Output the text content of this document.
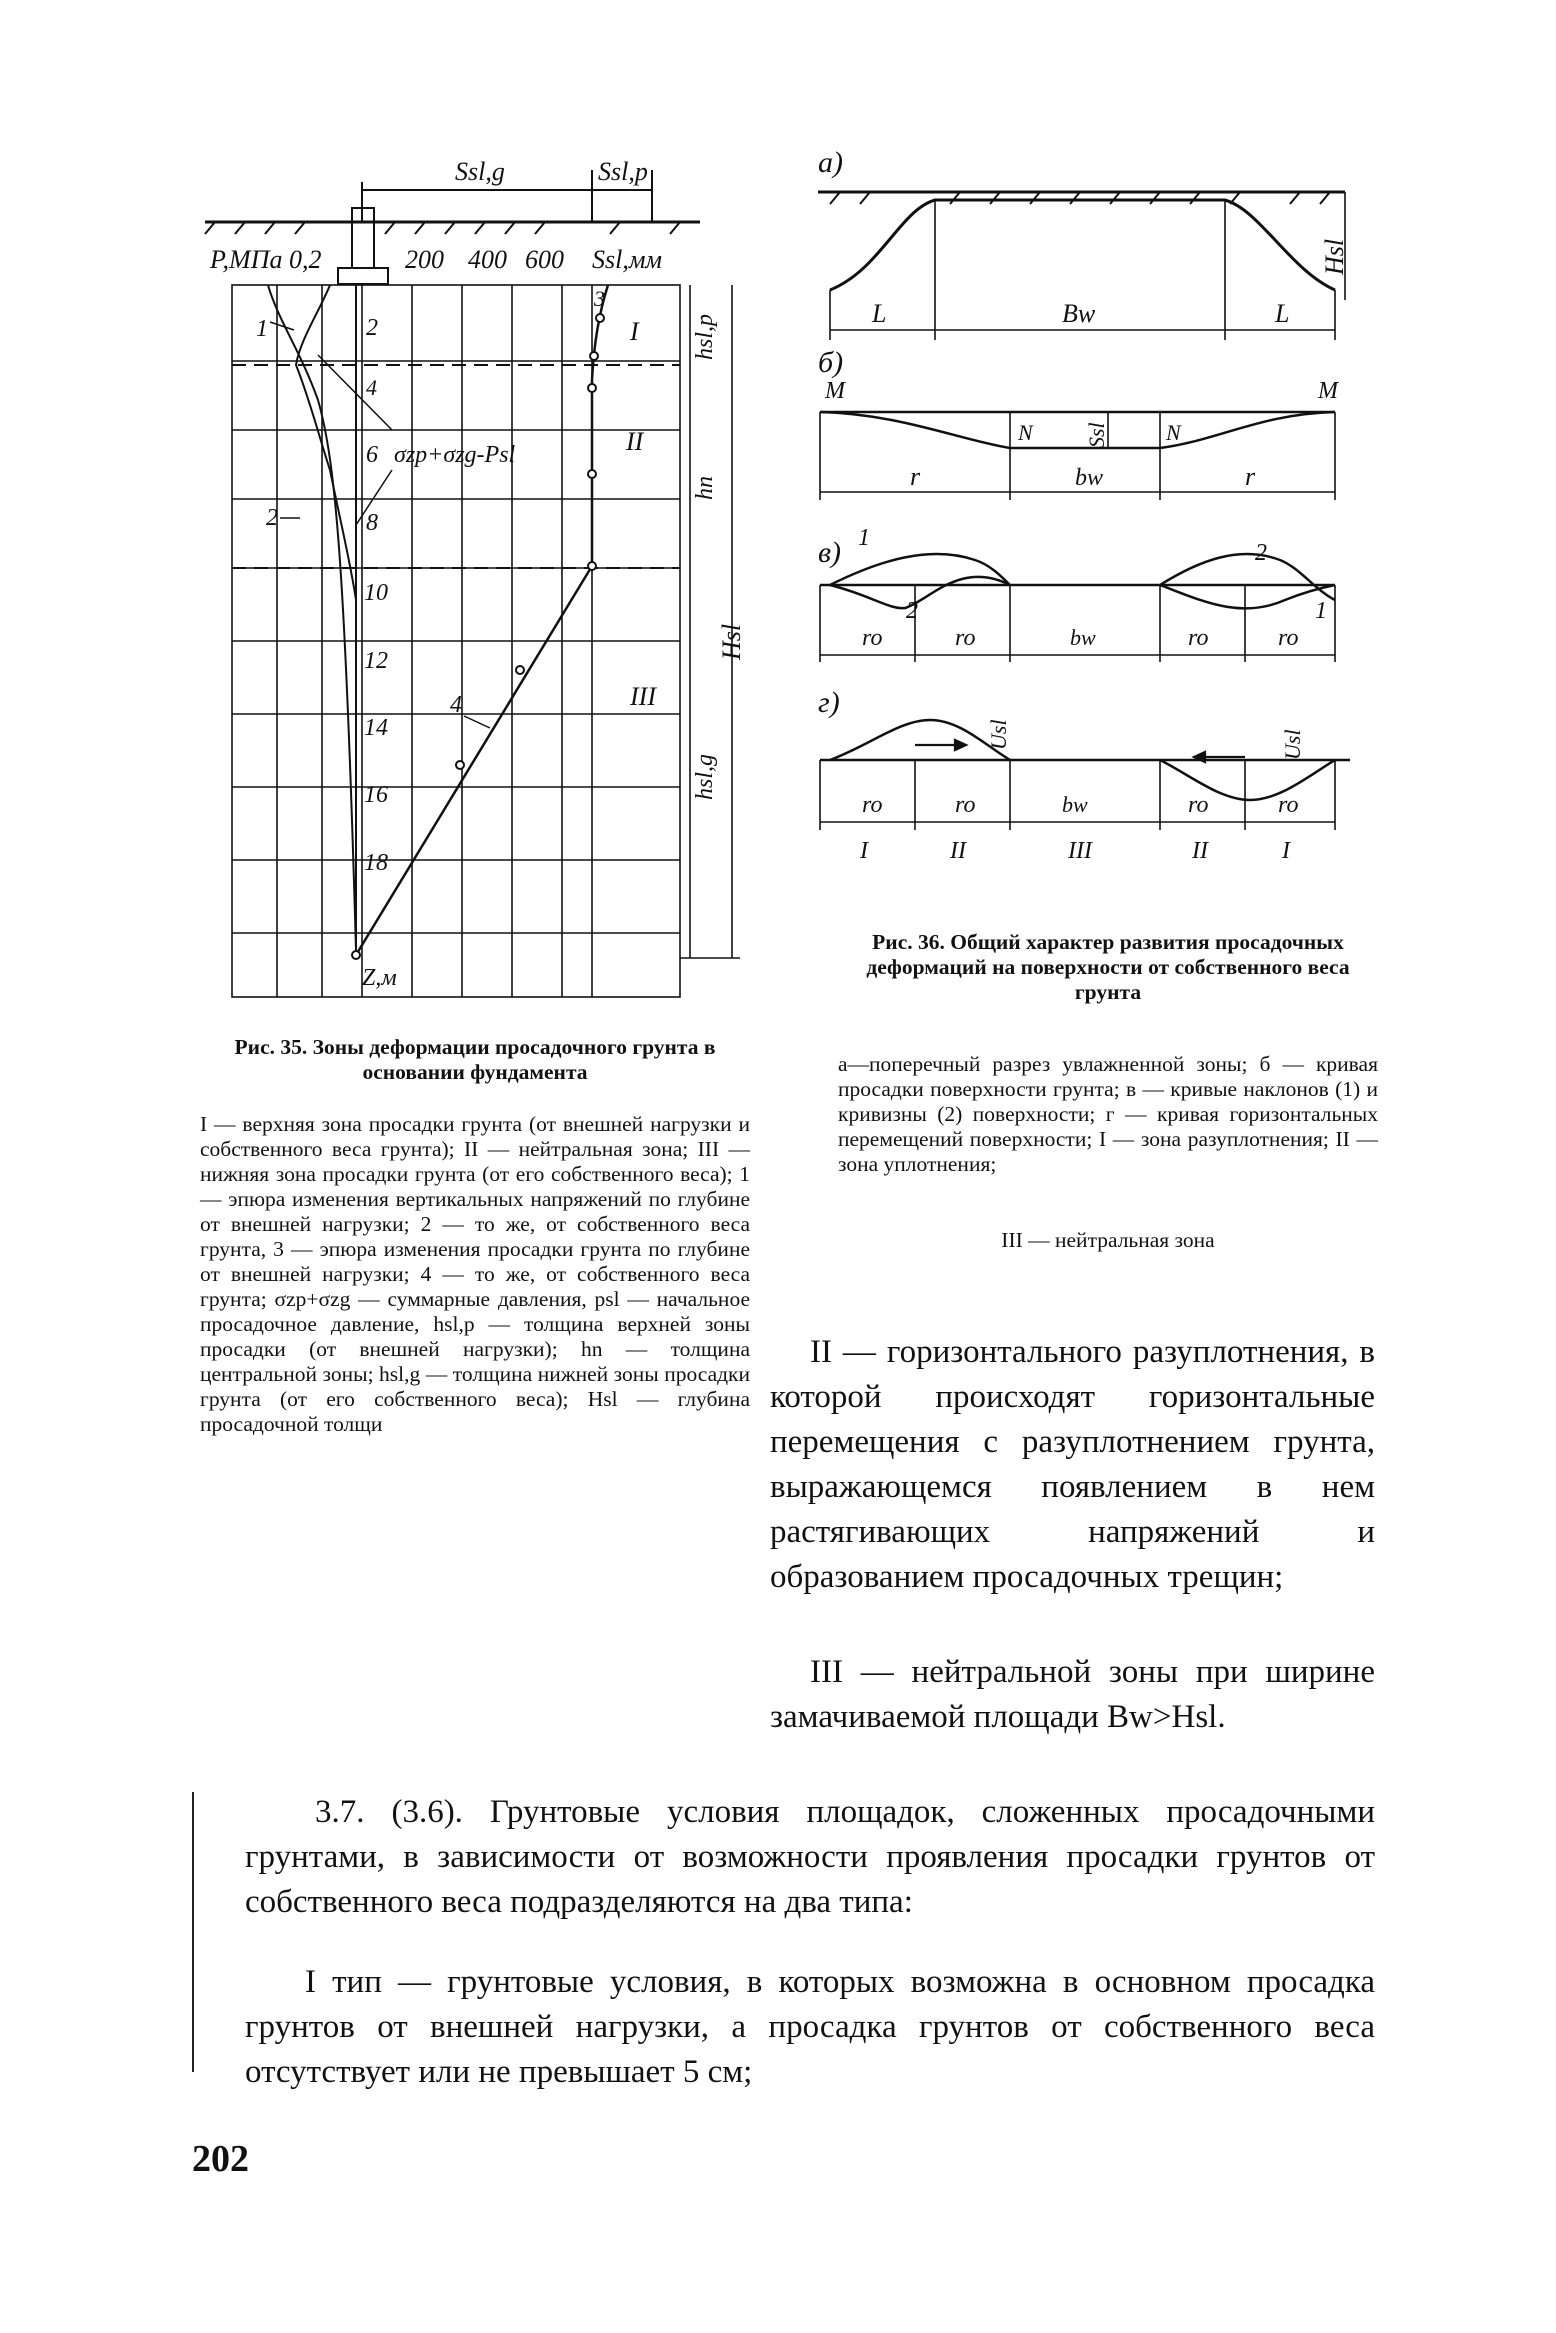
Ssl,g	Ssl,p
P,МПа 0,2	200 400 600 Ssl,мм
2
4
6
8
10
12
14
16
18
Z,м
1
2
3
4
σzp+σzg-Psl
I
II
III
hsl,p
hn
hsl,g
Hsl
Рис. 35. Зоны деформации просадочного грунта в основании фундамента
I — верхняя зона просадки грунта (от внешней нагрузки и собственного веса грунта); II — нейтральная зона; III — нижняя зона просадки грунта (от его собственного веса); 1 — эпюра изменения вертикальных напряжений по глубине от внешней нагрузки; 2 — то же, от собственного веса грунта, 3 — эпюра изменения просадки грунта по глубине от внешней нагрузки; 4 — то же, от собственного веса грунта; σzp+σzg — суммарные давления, psl — начальное просадочное давление, hsl,p — толщина верхней зоны просадки (от внешней нагрузки); hn — толщина центральной зоны; hsl,g — толщина нижней зоны просадки грунта (от его собственного веса); Hsl — глубина просадочной толщи
а)
L	Bw	L
Hsl
б)
M	M
N	N
Ssl
r	bw	r
в) 1
2
2
1
ro	ro	bw	ro	ro
г)
Usl	Usl
ro	ro	bw	ro	ro
I	II	III	II	I
Рис. 36. Общий характер развития просадочных деформаций на поверхности от собственного веса грунта
а—поперечный разрез увлажненной зоны; б — кривая просадки поверхности грунта; в — кривые наклонов (1) и кривизны (2) поверхности; г — кривая горизонтальных перемещений поверхности; I — зона разуплотнения; II — зона уплотнения;
III — нейтральная зона
II — горизонтального разуплотнения, в которой происходят горизонтальные перемещения с разуплотнением грунта, выражающемся появлением в нем растягивающих напряжений и образованием просадочных трещин;
III — нейтральной зоны при ширине замачиваемой площади Bw>Hsl.
3.7. (3.6). Грунтовые условия площадок, сложенных просадочными грунтами, в зависимости от возможности проявления просадки грунтов от собственного веса подразделяются на два типа:
I тип — грунтовые условия, в которых возможна в основном просадка грунтов от внешней нагрузки, а просадка грунтов от собственного веса отсутствует или не превышает 5 см;
202
